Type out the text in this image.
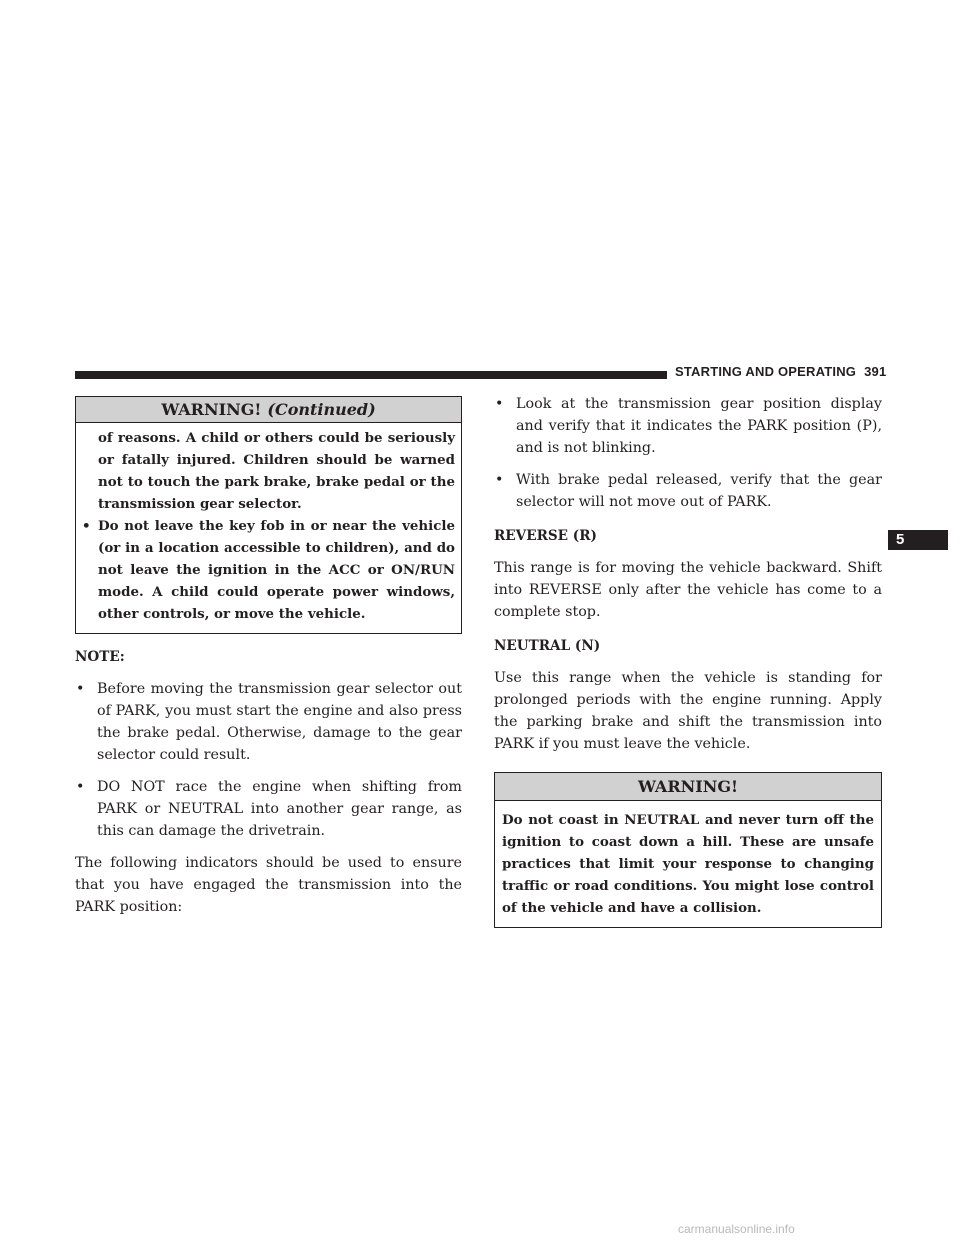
STARTING AND OPERATING 391
5
WARNING! (Continued)

of reasons. A child or others could be seriously or fatally injured. Children should be warned not to touch the park brake, brake pedal or the transmission gear selector.

• Do not leave the key fob in or near the vehicle (or in a location accessible to children), and do not leave the ignition in the ACC or ON/RUN mode. A child could operate power windows, other controls, or move the vehicle.

NOTE:

• Before moving the transmission gear selector out of PARK, you must start the engine and also press the brake pedal. Otherwise, damage to the gear selector could result.
• DO NOT race the engine when shifting from PARK or NEUTRAL into another gear range, as this can damage the drivetrain.

The following indicators should be used to ensure that you have engaged the transmission into the PARK position:

• Look at the transmission gear position display and verify that it indicates the PARK position (P), and is not blinking.
• With brake pedal released, verify that the gear selector will not move out of PARK.

REVERSE (R)

This range is for moving the vehicle backward. Shift into REVERSE only after the vehicle has come to a complete stop.

NEUTRAL (N)

Use this range when the vehicle is standing for prolonged periods with the engine running. Apply the parking brake and shift the transmission into PARK if you must leave the vehicle.

WARNING!

Do not coast in NEUTRAL and never turn off the ignition to coast down a hill. These are unsafe practices that limit your response to changing traffic or road conditions. You might lose control of the vehicle and have a collision.

carmanualsonline.info
